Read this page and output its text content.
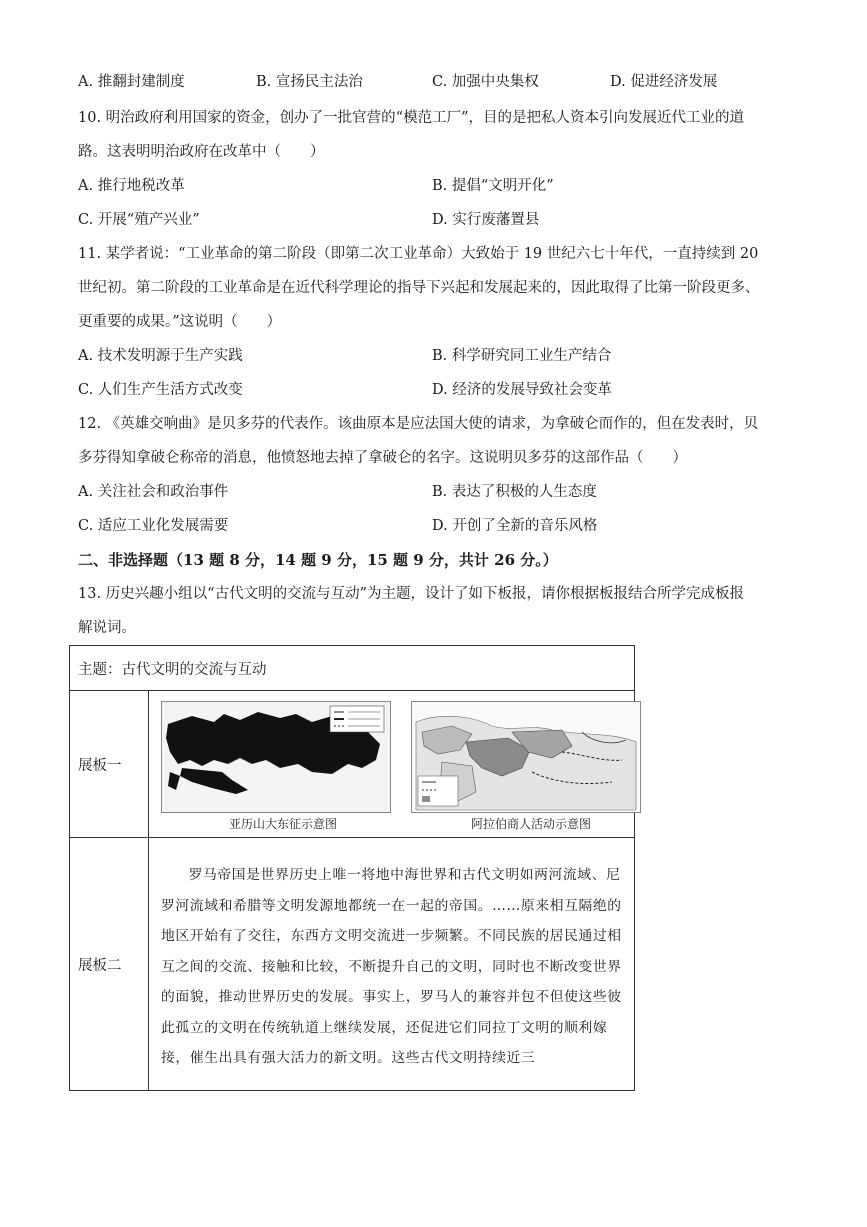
A. 推翻封建制度	B. 宣扬民主法治	C. 加强中央集权	D. 促进经济发展
10. 明治政府利用国家的资金，创办了一批官营的“模范工厂”，目的是把私人资本引向发展近代工业的道
路。这表明明治政府在改革中（　　）
A. 推行地税改革	B. 提倡“文明开化”
C. 开展“殖产兴业”	D. 实行废藩置县
11. 某学者说：“工业革命的第二阶段（即第二次工业革命）大致始于 19 世纪六七十年代，一直持续到 20
世纪初。第二阶段的工业革命是在近代科学理论的指导下兴起和发展起来的，因此取得了比第一阶段更多、
更重要的成果。”这说明（　　）
A. 技术发明源于生产实践	B. 科学研究同工业生产结合
C. 人们生产生活方式改变	D. 经济的发展导致社会变革
12. 《英雄交响曲》是贝多芬的代表作。该曲原本是应法国大使的请求，为拿破仑而作的，但在发表时，贝
多芬得知拿破仑称帝的消息，他愤怒地去掉了拿破仑的名字。这说明贝多芬的这部作品（　　）
A. 关注社会和政治事件	B. 表达了积极的人生态度
C. 适应工业化发展需要	D. 开创了全新的音乐风格
二、非选择题（13 题 8 分，14 题 9 分，15 题 9 分，共计 26 分。）
13. 历史兴趣小组以“古代文明的交流与互动”为主题，设计了如下板报，请你根据板报结合所学完成板报
解说词。
主题：古代文明的交流与互动	
展板一	亚历山大东征示意图 阿拉伯商人活动示意图

展板二	罗马帝国是世界历史上唯一将地中海世界和古代文明如两河流域、尼罗河流域和希腊等文明发源地都统一在一起的帝国。……原来相互隔绝的地区开始有了交往，东西方文明交流进一步频繁。不同民族的居民通过相互之间的交流、接触和比较，不断提升自己的文明，同时也不断改变世界的面貌，推动世界历史的发展。事实上，罗马人的兼容并包不但使这些彼此孤立的文明在传统轨道上继续发展，还促进它们同拉丁文明的顺利嫁接，催生出具有强大活力的新文明。这些古代文明持续近三
